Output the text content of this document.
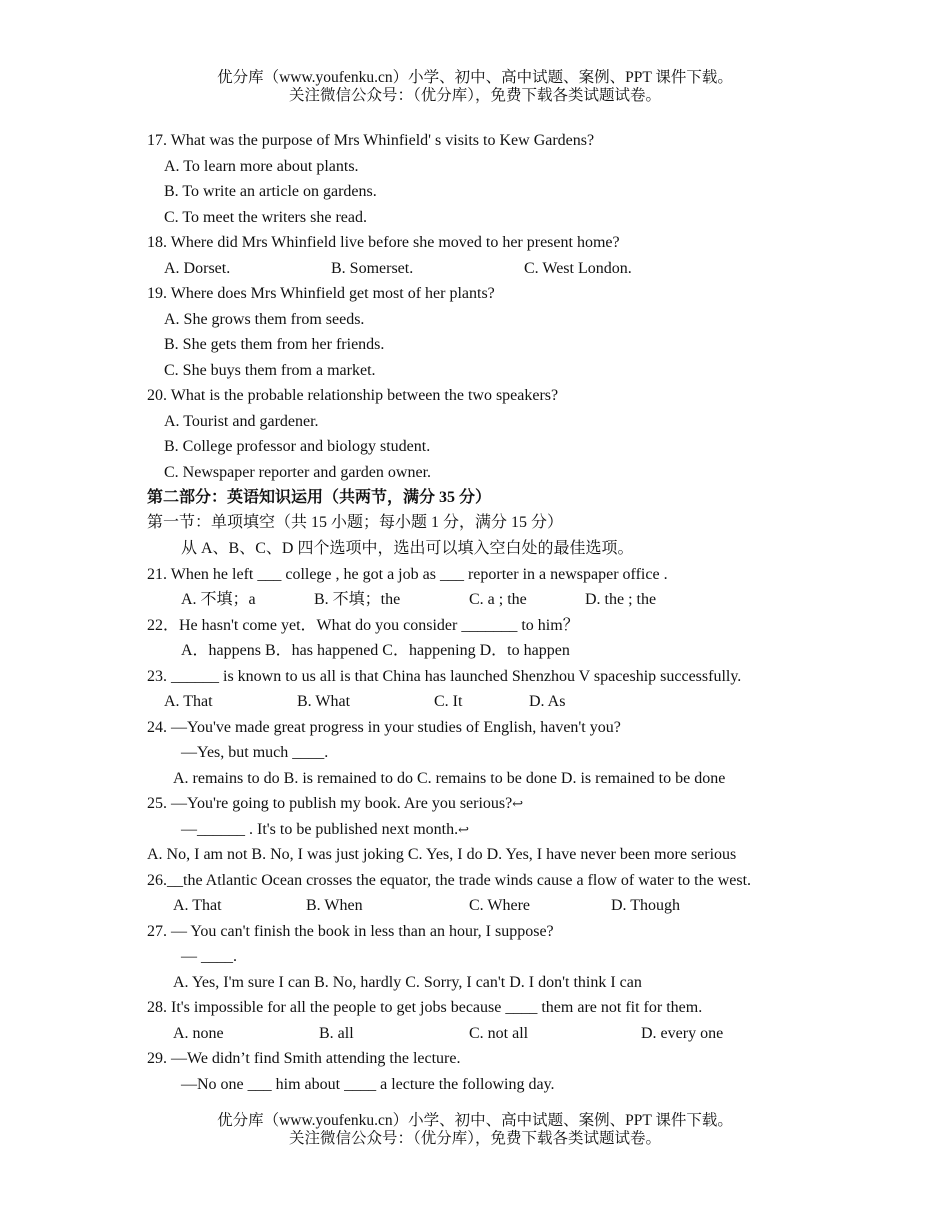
优分库（www.youfenku.cn）小学、初中、高中试题、案例、PPT 课件下载。
关注微信公众号：（优分库），免费下载各类试题试卷。
17. What was the purpose of Mrs Whinfield' s visits to Kew Gardens?
A. To learn more about plants.
B. To write an article on gardens.
C. To meet the writers she read.
18. Where did Mrs Whinfield live before she moved to her present home?
A. Dorset.	B. Somerset.	C. West London.
19. Where does Mrs Whinfield get most of her plants?
A. She grows them from seeds.
B. She gets them from her friends.
C. She buys them from a market.
20. What is the probable relationship between the two speakers?
A. Tourist and gardener.
B. College professor and biology student.
C. Newspaper reporter and garden owner.
第二部分：英语知识运用（共两节，满分 35 分）
第一节：单项填空（共 15 小题；每小题 1 分，满分 15 分）
从 A、B、C、D 四个选项中，选出可以填入空白处的最佳选项。
21. When he left ___ college , he got a job as ___ reporter in a newspaper office .
A. 不填；a	B. 不填；the	C. a ; the	D. the ; the
22．He hasn't come yet．What do you consider _______ to him？
A．happens B．has happened C．happening D．to happen
23. ______ is known to us all is that China has launched Shenzhou V spaceship successfully.
A. That	B. What	C. It	D. As
24. —You've made great progress in your studies of English, haven't you?
—Yes, but much ____.
A. remains to do B. is remained to do C. remains to be done D. is remained to be done
25. —You're going to publish my book. Are you serious?↩
—______ . It's to be published next month.↩
A. No, I am not B. No, I was just joking C. Yes, I do D. Yes, I have never been more serious
26.__the Atlantic Ocean crosses the equator, the trade winds cause a flow of water to the west.
A. That	B. When	C. Where	D. Though
27. — You can't finish the book in less than an hour, I suppose?
— ____.
A. Yes, I'm sure I can B. No, hardly C. Sorry, I can't D. I don't think I can
28. It's impossible for all the people to get jobs because ____ them are not fit for them.
A. none	B. all	C. not all	D. every one
29. —We didn’t find Smith attending the lecture.
—No one ___ him about ____ a lecture the following day.
优分库（www.youfenku.cn）小学、初中、高中试题、案例、PPT 课件下载。
关注微信公众号：（优分库），免费下载各类试题试卷。
